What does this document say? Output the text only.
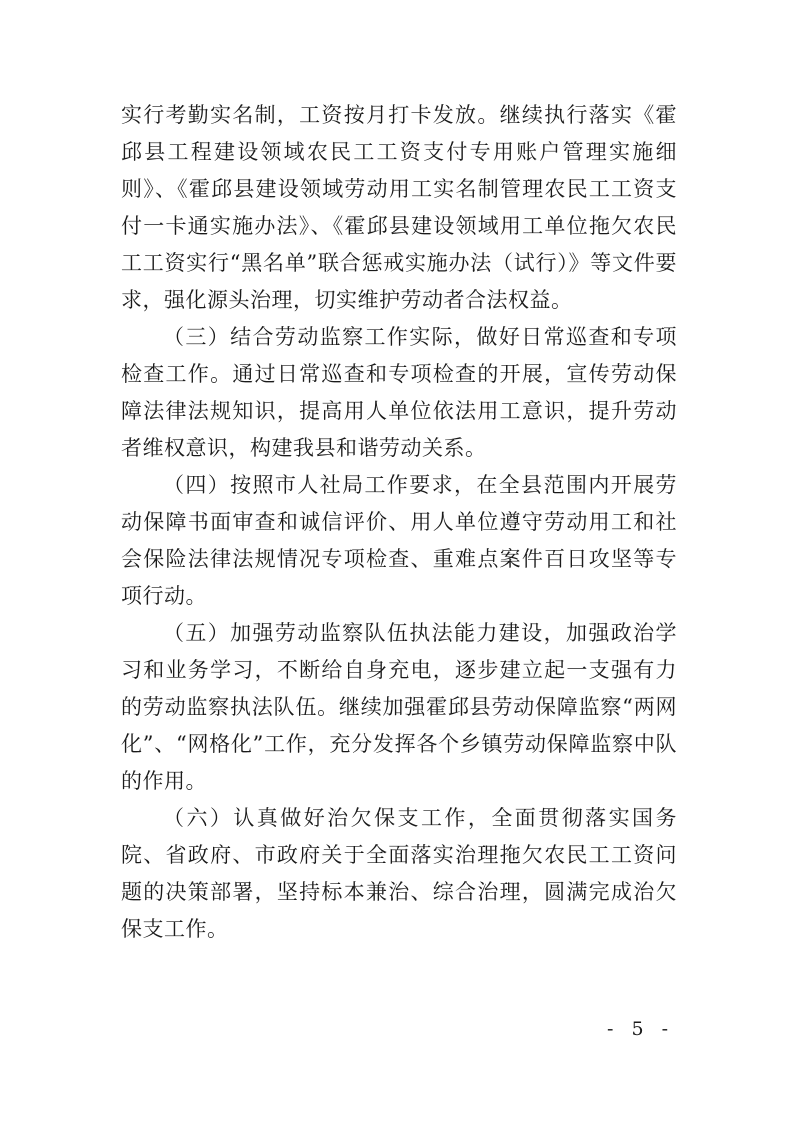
实行考勤实名制，工资按月打卡发放。继续执行落实《霍邱县工程建设领域农民工工资支付专用账户管理实施细则》、《霍邱县建设领域劳动用工实名制管理农民工工资支付一卡通实施办法》、《霍邱县建设领域用工单位拖欠农民工工资实行“黑名单”联合惩戒实施办法（试行）》等文件要求，强化源头治理，切实维护劳动者合法权益。

（三）结合劳动监察工作实际，做好日常巡查和专项检查工作。通过日常巡查和专项检查的开展，宣传劳动保障法律法规知识，提高用人单位依法用工意识，提升劳动者维权意识，构建我县和谐劳动关系。

（四）按照市人社局工作要求，在全县范围内开展劳动保障书面审查和诚信评价、用人单位遵守劳动用工和社会保险法律法规情况专项检查、重难点案件百日攻坚等专项行动。

（五）加强劳动监察队伍执法能力建设，加强政治学习和业务学习，不断给自身充电，逐步建立起一支强有力的劳动监察执法队伍。继续加强霍邱县劳动保障监察“两网化”、“网格化”工作，充分发挥各个乡镇劳动保障监察中队的作用。

（六）认真做好治欠保支工作，全面贯彻落实国务院、省政府、市政府关于全面落实治理拖欠农民工工资问题的决策部署，坚持标本兼治、综合治理，圆满完成治欠保支工作。

- 5 -
